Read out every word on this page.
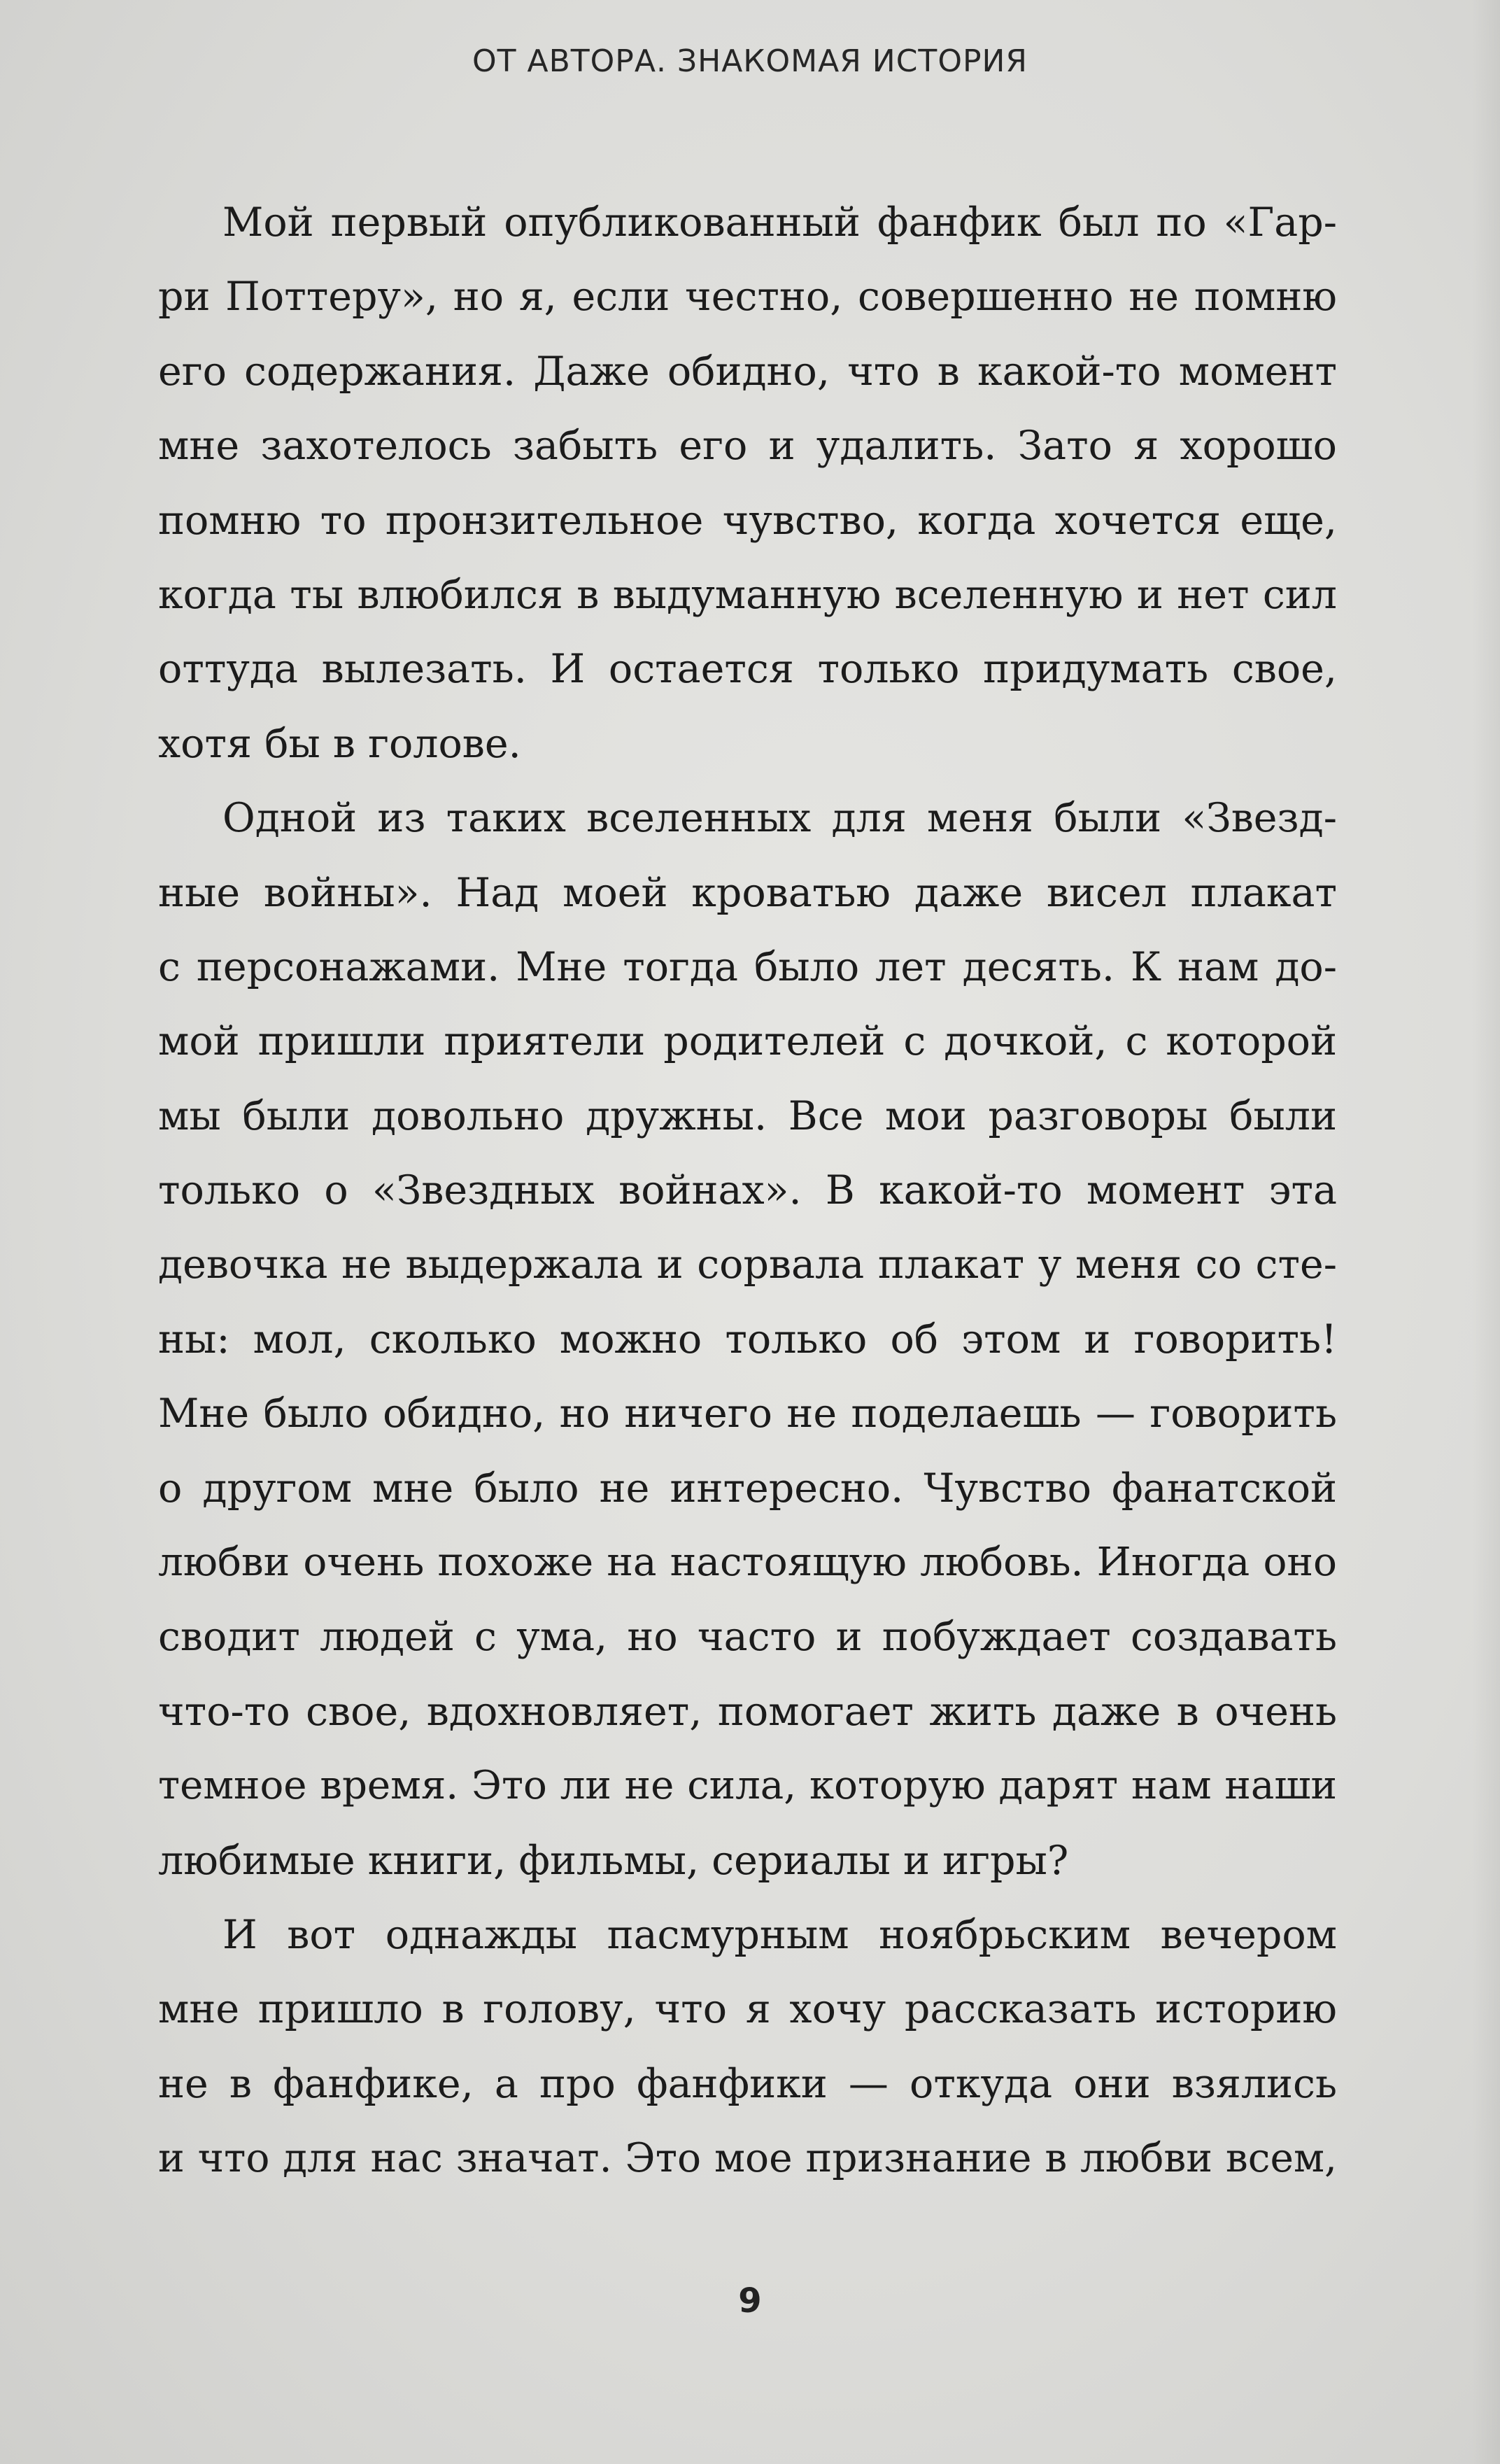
ОТ АВТОРА. ЗНАКОМАЯ ИСТОРИЯ
Мой первый опубликованный фанфик был по «Гар-
ри Поттеру», но я, если честно, совершенно не помню
его содержания. Даже обидно, что в какой-то момент
мне захотелось забыть его и удалить. Зато я хорошо
помню то пронзительное чувство, когда хочется еще,
когда ты влюбился в выдуманную вселенную и нет сил
оттуда вылезать. И остается только придумать свое,
хотя бы в голове.
Одной из таких вселенных для меня были «Звезд-
ные войны». Над моей кроватью даже висел плакат
с персонажами. Мне тогда было лет десять. К нам до-
мой пришли приятели родителей с дочкой, с которой
мы были довольно дружны. Все мои разговоры были
только о «Звездных войнах». В какой-то момент эта
девочка не выдержала и сорвала плакат у меня со сте-
ны: мол, сколько можно только об этом и говорить!
Мне было обидно, но ничего не поделаешь — говорить
о другом мне было не интересно. Чувство фанатской
любви очень похоже на настоящую любовь. Иногда оно
сводит людей с ума, но часто и побуждает создавать
что-то свое, вдохновляет, помогает жить даже в очень
темное время. Это ли не сила, которую дарят нам наши
любимые книги, фильмы, сериалы и игры?
И вот однажды пасмурным ноябрьским вечером
мне пришло в голову, что я хочу рассказать историю
не в фанфике, а про фанфики — откуда они взялись
и что для нас значат. Это мое признание в любви всем,
9
